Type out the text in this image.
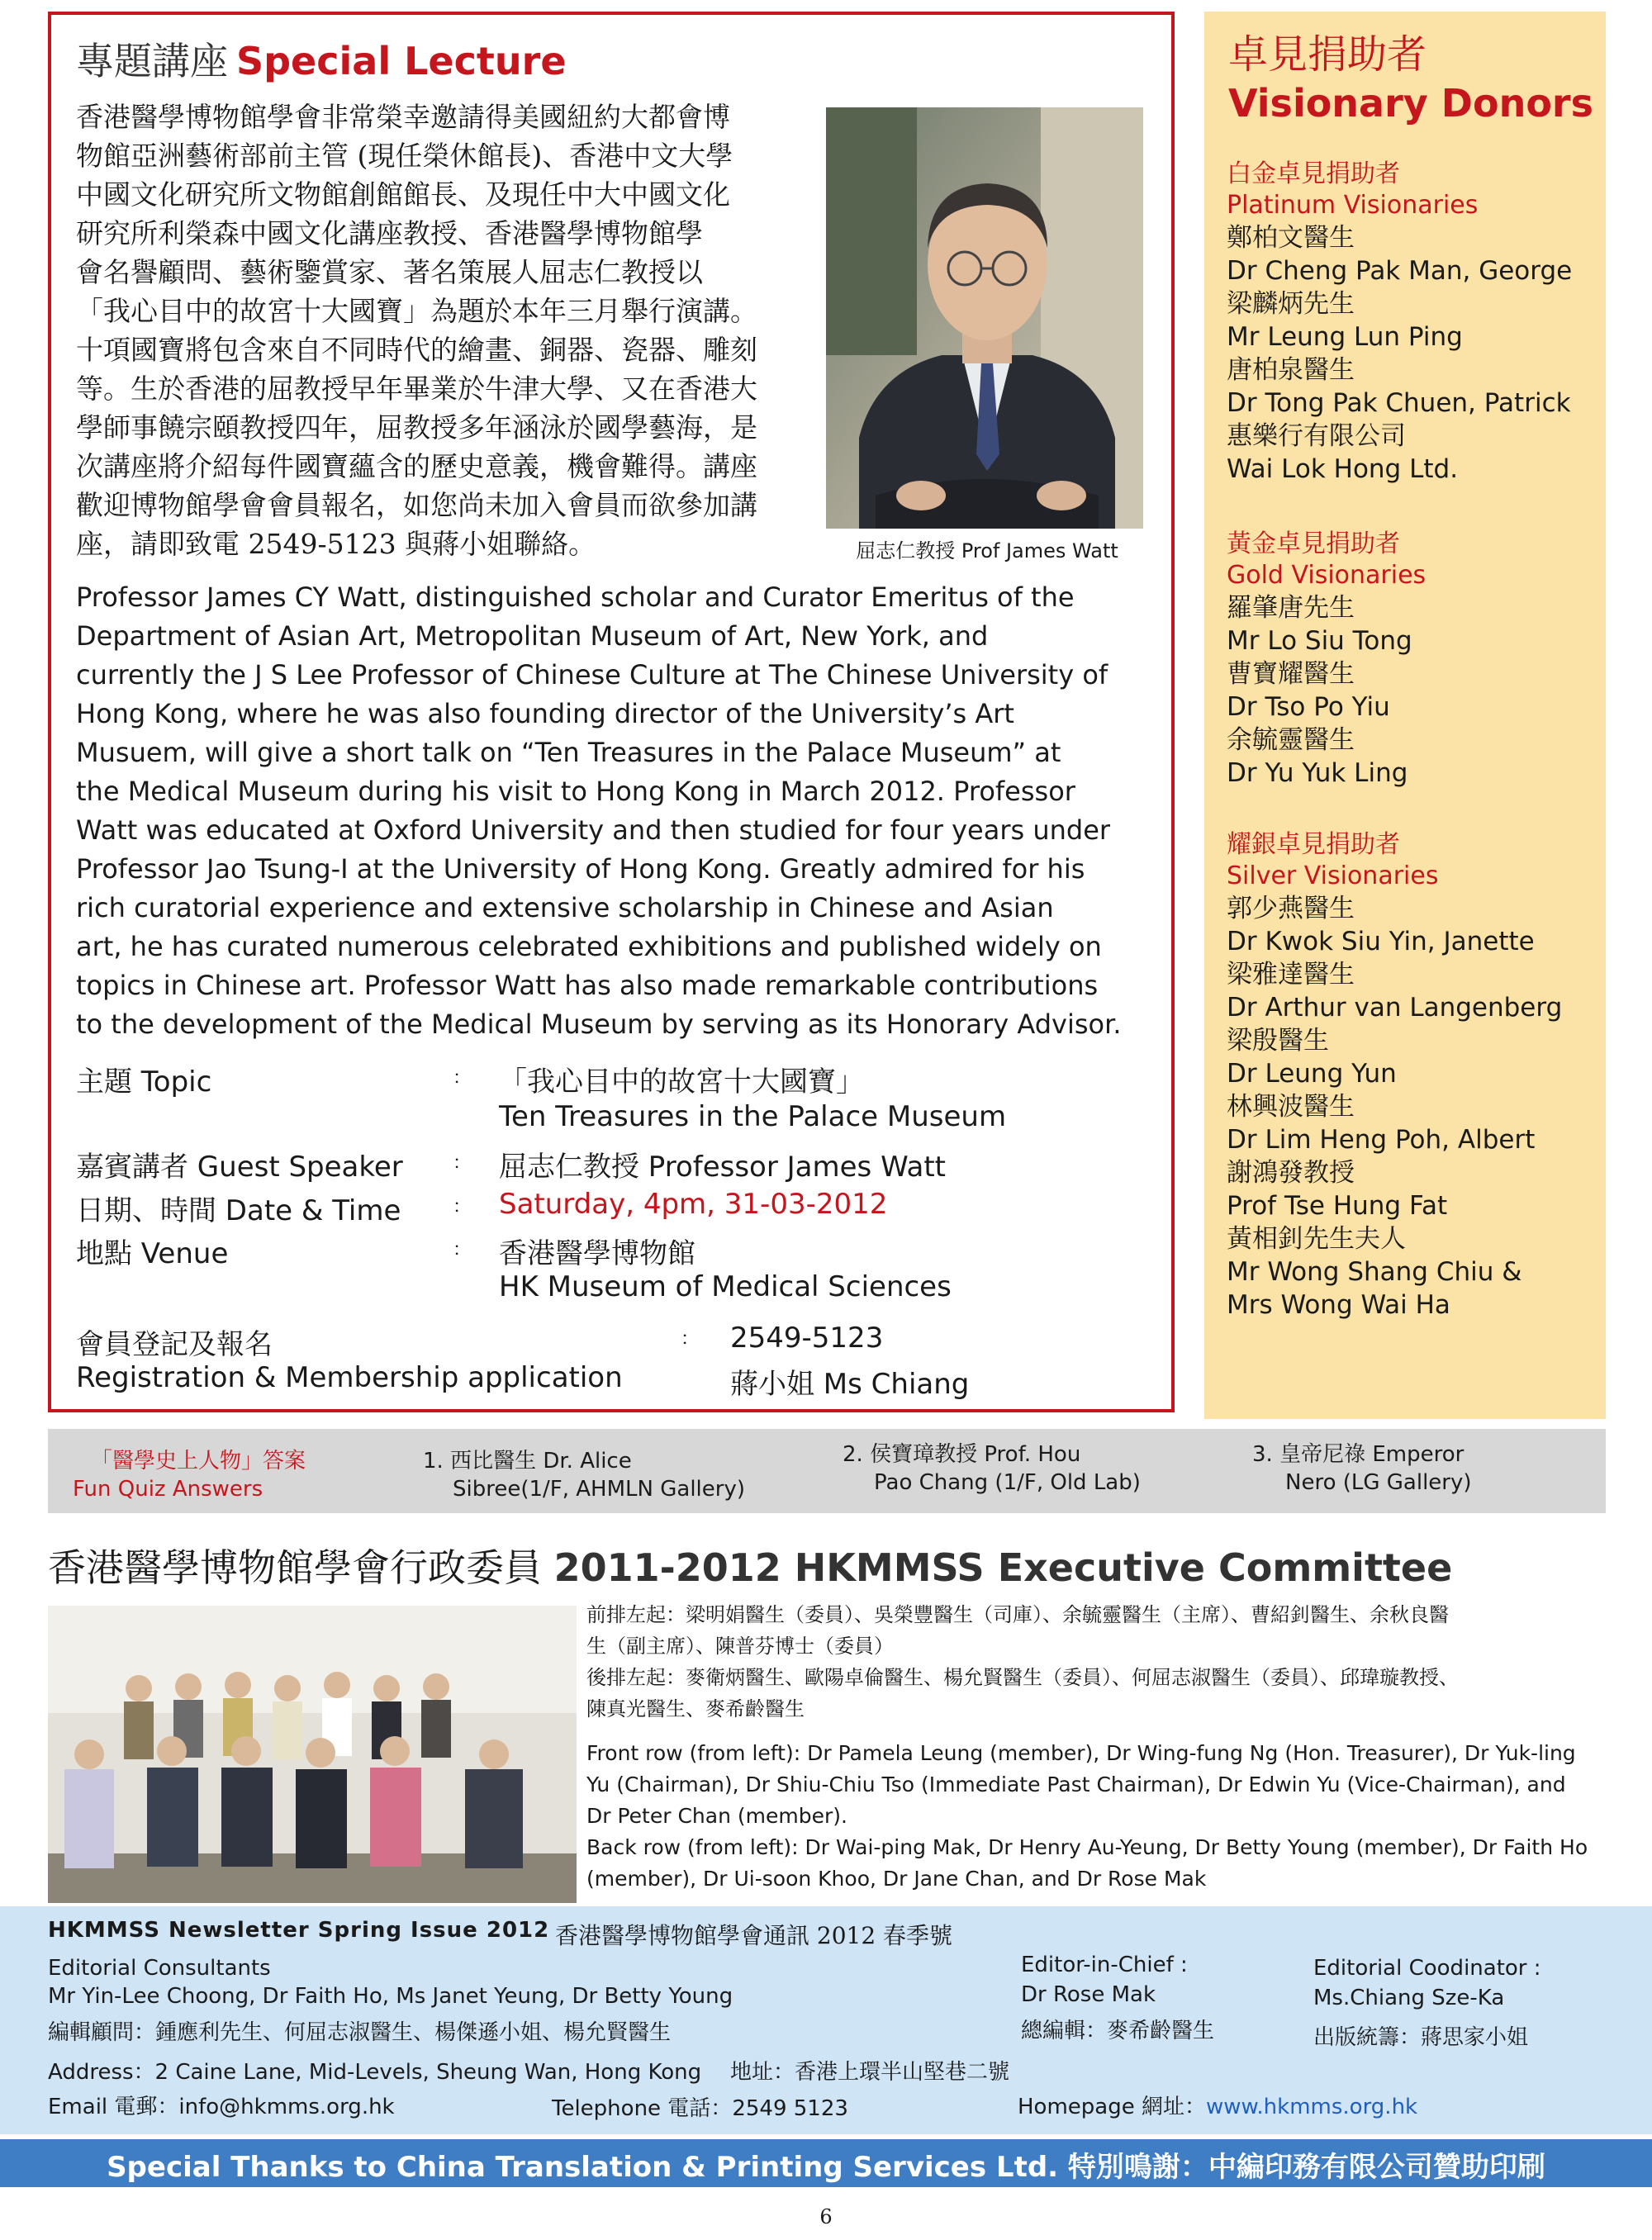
專題講座 Special Lecture
香港醫學博物館學會非常榮幸邀請得美國紐約大都會博
物館亞洲藝術部前主管 (現任榮休館長)、香港中文大學
中國文化研究所文物館創館館長、及現任中大中國文化
研究所利榮森中國文化講座教授、香港醫學博物館學
會名譽顧問、藝術鑒賞家、著名策展人屈志仁教授以
「我心目中的故宮十大國寶」為題於本年三月舉行演講。
十項國寶將包含來自不同時代的繪畫、銅器、瓷器、雕刻
等。生於香港的屈教授早年畢業於牛津大學、又在香港大
學師事饒宗頤教授四年，屈教授多年涵泳於國學藝海，是
次講座將介紹每件國寶蘊含的歷史意義，機會難得。講座
歡迎博物館學會會員報名，如您尚未加入會員而欲參加講
座，請即致電 2549-5123 與蔣小姐聯絡。	屈志仁教授 Prof James Watt
Professor James CY Watt, distinguished scholar and Curator Emeritus of the
Department of Asian Art, Metropolitan Museum of Art, New York, and
currently the J S Lee Professor of Chinese Culture at The Chinese University of
Hong Kong, where he was also founding director of the University’s Art
Musuem, will give a short talk on “Ten Treasures in the Palace Museum” at
the Medical Museum during his visit to Hong Kong in March 2012. Professor
Watt was educated at Oxford University and then studied for four years under
Professor Jao Tsung-I at the University of Hong Kong. Greatly admired for his
rich curatorial experience and extensive scholarship in Chinese and Asian
art, he has curated numerous celebrated exhibitions and published widely on
topics in Chinese art. Professor Watt has also made remarkable contributions
to the development of the Medical Museum by serving as its Honorary Advisor.
主題 Topic	： 「我心目中的故宮十大國寶」
Ten Treasures in the Palace Museum
嘉賓講者 Guest Speaker	： 屈志仁教授 Professor James Watt
日期、時間 Date & Time	： Saturday, 4pm, 31-03-2012
地點 Venue	： 香港醫學博物館
HK Museum of Medical Sciences
會員登記及報名
Registration & Membership application
： 2549-5123
蔣小姐 Ms Chiang
卓見捐助者
Visionary Donors
白金卓見捐助者
Platinum Visionaries
鄭柏文醫生
Dr Cheng Pak Man, George
梁麟炳先生
Mr Leung Lun Ping
唐柏泉醫生
Dr Tong Pak Chuen, Patrick
惠樂行有限公司
Wai Lok Hong Ltd.
黃金卓見捐助者
Gold Visionaries
羅肇唐先生
Mr Lo Siu Tong
曹寶耀醫生
Dr Tso Po Yiu
余毓靈醫生
Dr Yu Yuk Ling
耀銀卓見捐助者
Silver Visionaries
郭少燕醫生
Dr Kwok Siu Yin, Janette
梁雅達醫生
Dr Arthur van Langenberg
梁殷醫生
Dr Leung Yun
林興波醫生
Dr Lim Heng Poh, Albert
謝鴻發教授
Prof Tse Hung Fat
黃相釗先生夫人
Mr Wong Shang Chiu &
Mrs Wong Wai Ha
「醫學史上人物」答案
Fun Quiz Answers
1. 西比醫生 Dr. Alice
Sibree(1/F, AHMLN Gallery)
2. 侯寶璋教授 Prof. Hou
Pao Chang (1/F, Old Lab)
3. 皇帝尼祿 Emperor
Nero (LG Gallery)
香港醫學博物館學會行政委員 2011-2012 HKMMSS Executive Committee
前排左起：梁明娟醫生（委員）、吳榮豐醫生（司庫）、余毓靈醫生（主席）、曹紹釗醫生、余秋良醫
生（副主席）、陳普芬博士（委員）
後排左起：麥衛炳醫生、歐陽卓倫醫生、楊允賢醫生（委員）、何屈志淑醫生（委員）、邱瑋璇教授、
陳真光醫生、麥希齡醫生
Front row (from left): Dr Pamela Leung (member), Dr Wing-fung Ng (Hon. Treasurer), Dr Yuk-ling
Yu (Chairman), Dr Shiu-Chiu Tso (Immediate Past Chairman), Dr Edwin Yu (Vice-Chairman), and
Dr Peter Chan (member).
Back row (from left): Dr Wai-ping Mak, Dr Henry Au-Yeung, Dr Betty Young (member), Dr Faith Ho
(member), Dr Ui-soon Khoo, Dr Jane Chan, and Dr Rose Mak
HKMMSS Newsletter Spring Issue 2012 香港醫學博物館學會通訊 2012 春季號
Editorial Consultants
Mr Yin-Lee Choong, Dr Faith Ho, Ms Janet Yeung, Dr Betty Young
編輯顧問：鍾應利先生、何屈志淑醫生、楊傑遜小姐、楊允賢醫生
Editor-in-Chief :
Dr Rose Mak
總編輯：麥希齡醫生
Editorial Coodinator :
Ms.Chiang Sze-Ka
出版統籌：蔣思家小姐
Address：2 Caine Lane, Mid-Levels, Sheung Wan, Hong Kong 地址：香港上環半山堅巷二號
Email 電郵：info@hkmms.org.hk	Telephone 電話：2549 5123	Homepage 網址：www.hkmms.org.hk
Special Thanks to China Translation & Printing Services Ltd. 特別鳴謝：中編印務有限公司贊助印刷
6
